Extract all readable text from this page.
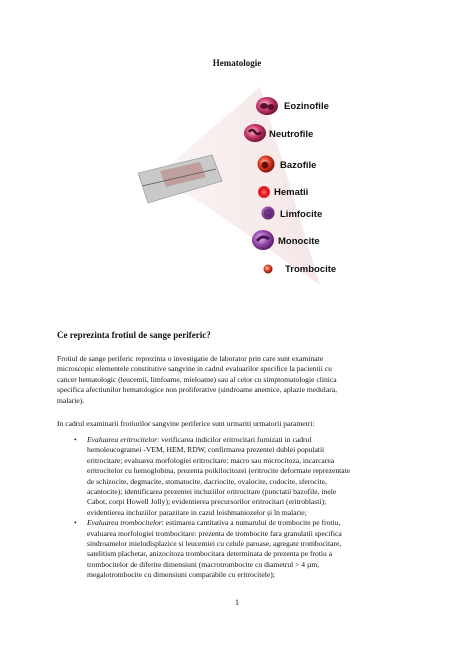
Hematologie
Eozinofile
Neutrofile
Bazofile
Hematii
Limfocite
Monocite
Trombocite
Ce reprezinta frotiul de sange periferic?
Frotiul de sange periferic reprezinta o investigatie de laborator prin care sunt examinate
microscopic elementele constitutive sangvine in cadrul evaluarilor specifice la pacientii cu
cancer hematologic (leucemii, limfoame, mieloame) sau al celor cu simptomatologie clinica
specifica afectiunilor hematologice non proliferative (sindroame anemice, aplazie medulara,
malarie).
In cadrul examinarii frotiurilor sangvine periferice sunt urmariti urmatorii parametri:
• Evaluarea eritrocitelor: verificarea indicilor eritrocitari furnizati in cadrul
hemoleucogramei -VEM, HEM, RDW, confirmarea prezentei dublei populatii
eritrocitare; evaluarea morfologiei eritrocitare: macro sau microcitoza, incarcarea
eritrocitelor cu hemoglobina, prezenta poikilocitozei (eritrocite deformate reprezentate
de schizocite, degmacite, stomatocite, dacriocite, ovalocite, codocite, sferocite,
acantocite); identificarea prezentei incluziilor eritrocitare (punctatii bazofile, inele
Cabot, corpi Howell Jolly); evidentierea precursorilor eritrocitari (eritroblasti);
evidentierea incluziilor parazitare in cazul leishmaniozelor și în malarie;
• Evaluarea trombocitelor: estimarea cantitativa a numarului de trombocite pe frotiu,
evaluarea morfologiei trombocitare: prezenta de trombocite fara granulatii specifica
sindroamelor mielodisplazice si leucemiei cu celule paroase, agregate trombocitare,
satelitism plachetar, anizocitoza trombocitara determinata de prezenta pe frotiu a
trombocitelor de diferite dimensiuni (macrotrombocite cu diametrul > 4 µm,
megalotrombocite cu dimensiuni comparabile cu eritrocitele);
1
